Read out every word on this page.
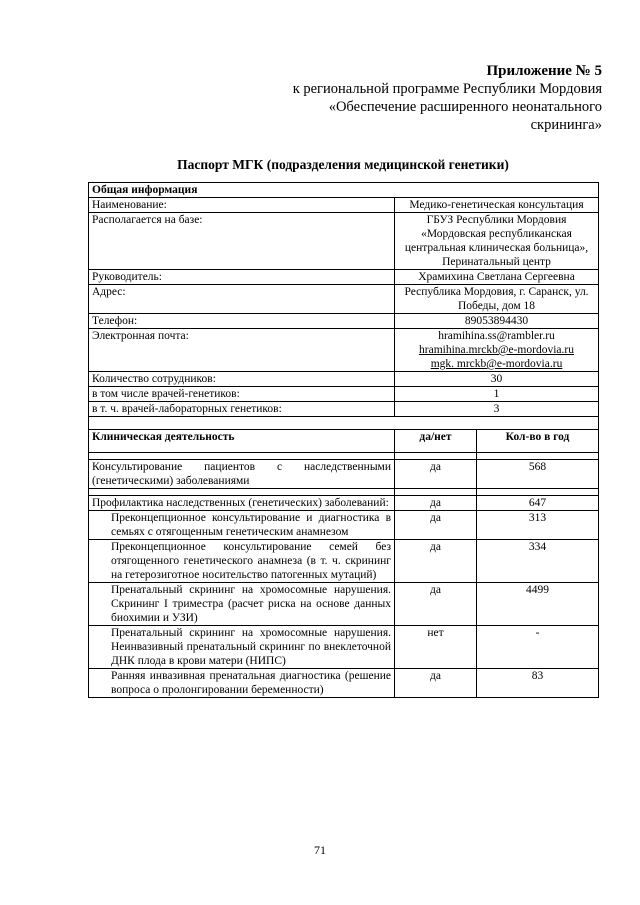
Приложение № 5
к региональной программе Республики Мордовия
«Обеспечение расширенного неонатального
скрининга»
Паспорт МГК (подразделения медицинской генетики)
Общая информация		
Наименование:	Медико-генетическая консультация	
Располагается на базе:	ГБУЗ Республики Мордовия «Мордовская республиканская центральная клиническая больница», Перинатальный центр	
Руководитель:	Храмихина Светлана Сергеевна	
Адрес:	Республика Мордовия, г. Саранск, ул. Победы, дом 18	
Телефон:	89053894430	
Электронная почта:	hramihina.ss@rambler.ru
hramihina.mrckb@e-mordovia.ru
mgk. mrckb@e-mordovia.ru	

Количество сотрудников:	30	
в том числе врачей-генетиков:	1	
в т. ч. врачей-лабораторных генетиков:	3	

Клиническая деятельность	да/нет	Кол-во в год

Консультирование пациентов с наследственными (генетическими) заболеваниями	да	568

Профилактика наследственных (генетических) заболеваний:	да	647
Преконцепционное консультирование и диагностика в семьях с отягощенным генетическим анамнезом	да	313
Преконцепционное консультирование семей без отягощенного генетического анамнеза (в т. ч. скрининг на гетерозиготное носительство патогенных мутаций)	да	334
Пренатальный скрининг на хромосомные нарушения. Скрининг I триместра (расчет риска на основе данных биохимии и УЗИ)	да	4499
Пренатальный скрининг на хромосомные нарушения. Неинвазивный пренатальный скрининг по внеклеточной ДНК плода в крови матери (НИПС)	нет	-
Ранняя инвазивная пренатальная диагностика (решение вопроса о пролонгировании беременности)	да	83
71
